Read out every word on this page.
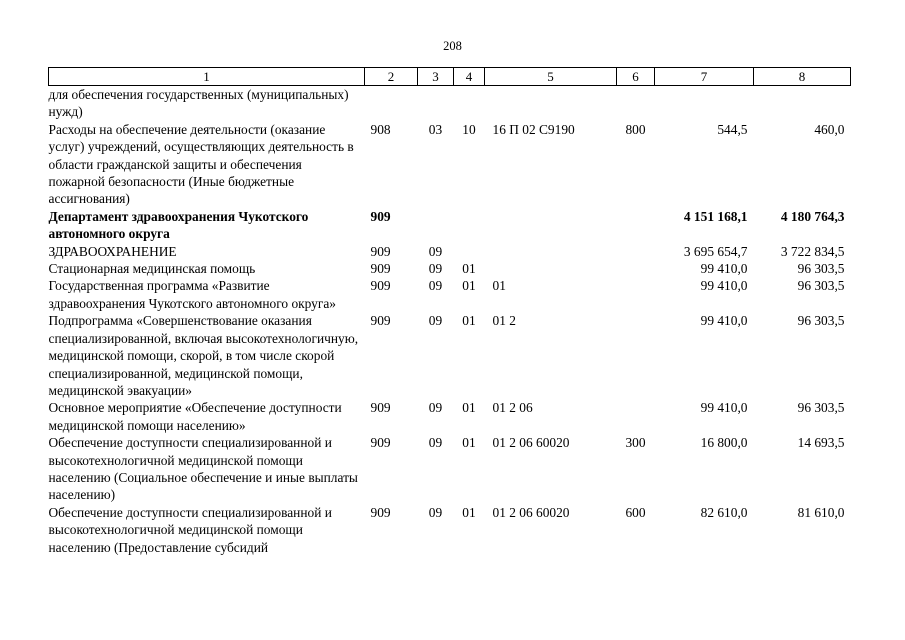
208
1	2	3	4	5	6	7	8
для обеспечения государственных (муниципальных) нужд)							
Расходы на обеспечение деятельности (оказание услуг) учреждений, осуществляющих деятельность в области гражданской защиты и обеспечения пожарной безопасности (Иные бюджетные ассигнования)	908	03	10	16 П 02 С9190	800	544,5	460,0
Департамент здравоохранения Чукотского автономного округа	909					4 151 168,1	4 180 764,3
ЗДРАВООХРАНЕНИЕ	909	09				3 695 654,7	3 722 834,5
Стационарная медицинская помощь	909	09	01			99 410,0	96 303,5
Государственная программа «Развитие здравоохранения Чукотского автономного округа»	909	09	01	01		99 410,0	96 303,5
Подпрограмма «Совершенствование оказания специализированной, включая высокотехнологичную, медицинской помощи, скорой, в том числе скорой специализированной, медицинской помощи, медицинской эвакуации»	909	09	01	01 2		99 410,0	96 303,5
Основное мероприятие «Обеспечение доступности медицинской помощи населению»	909	09	01	01 2 06		99 410,0	96 303,5
Обеспечение доступности специализированной и высокотехнологичной медицинской помощи населению (Социальное обеспечение и иные выплаты населению)	909	09	01	01 2 06 60020	300	16 800,0	14 693,5
Обеспечение доступности специализированной и высокотехнологичной медицинской помощи населению (Предоставление субсидий	909	09	01	01 2 06 60020	600	82 610,0	81 610,0
